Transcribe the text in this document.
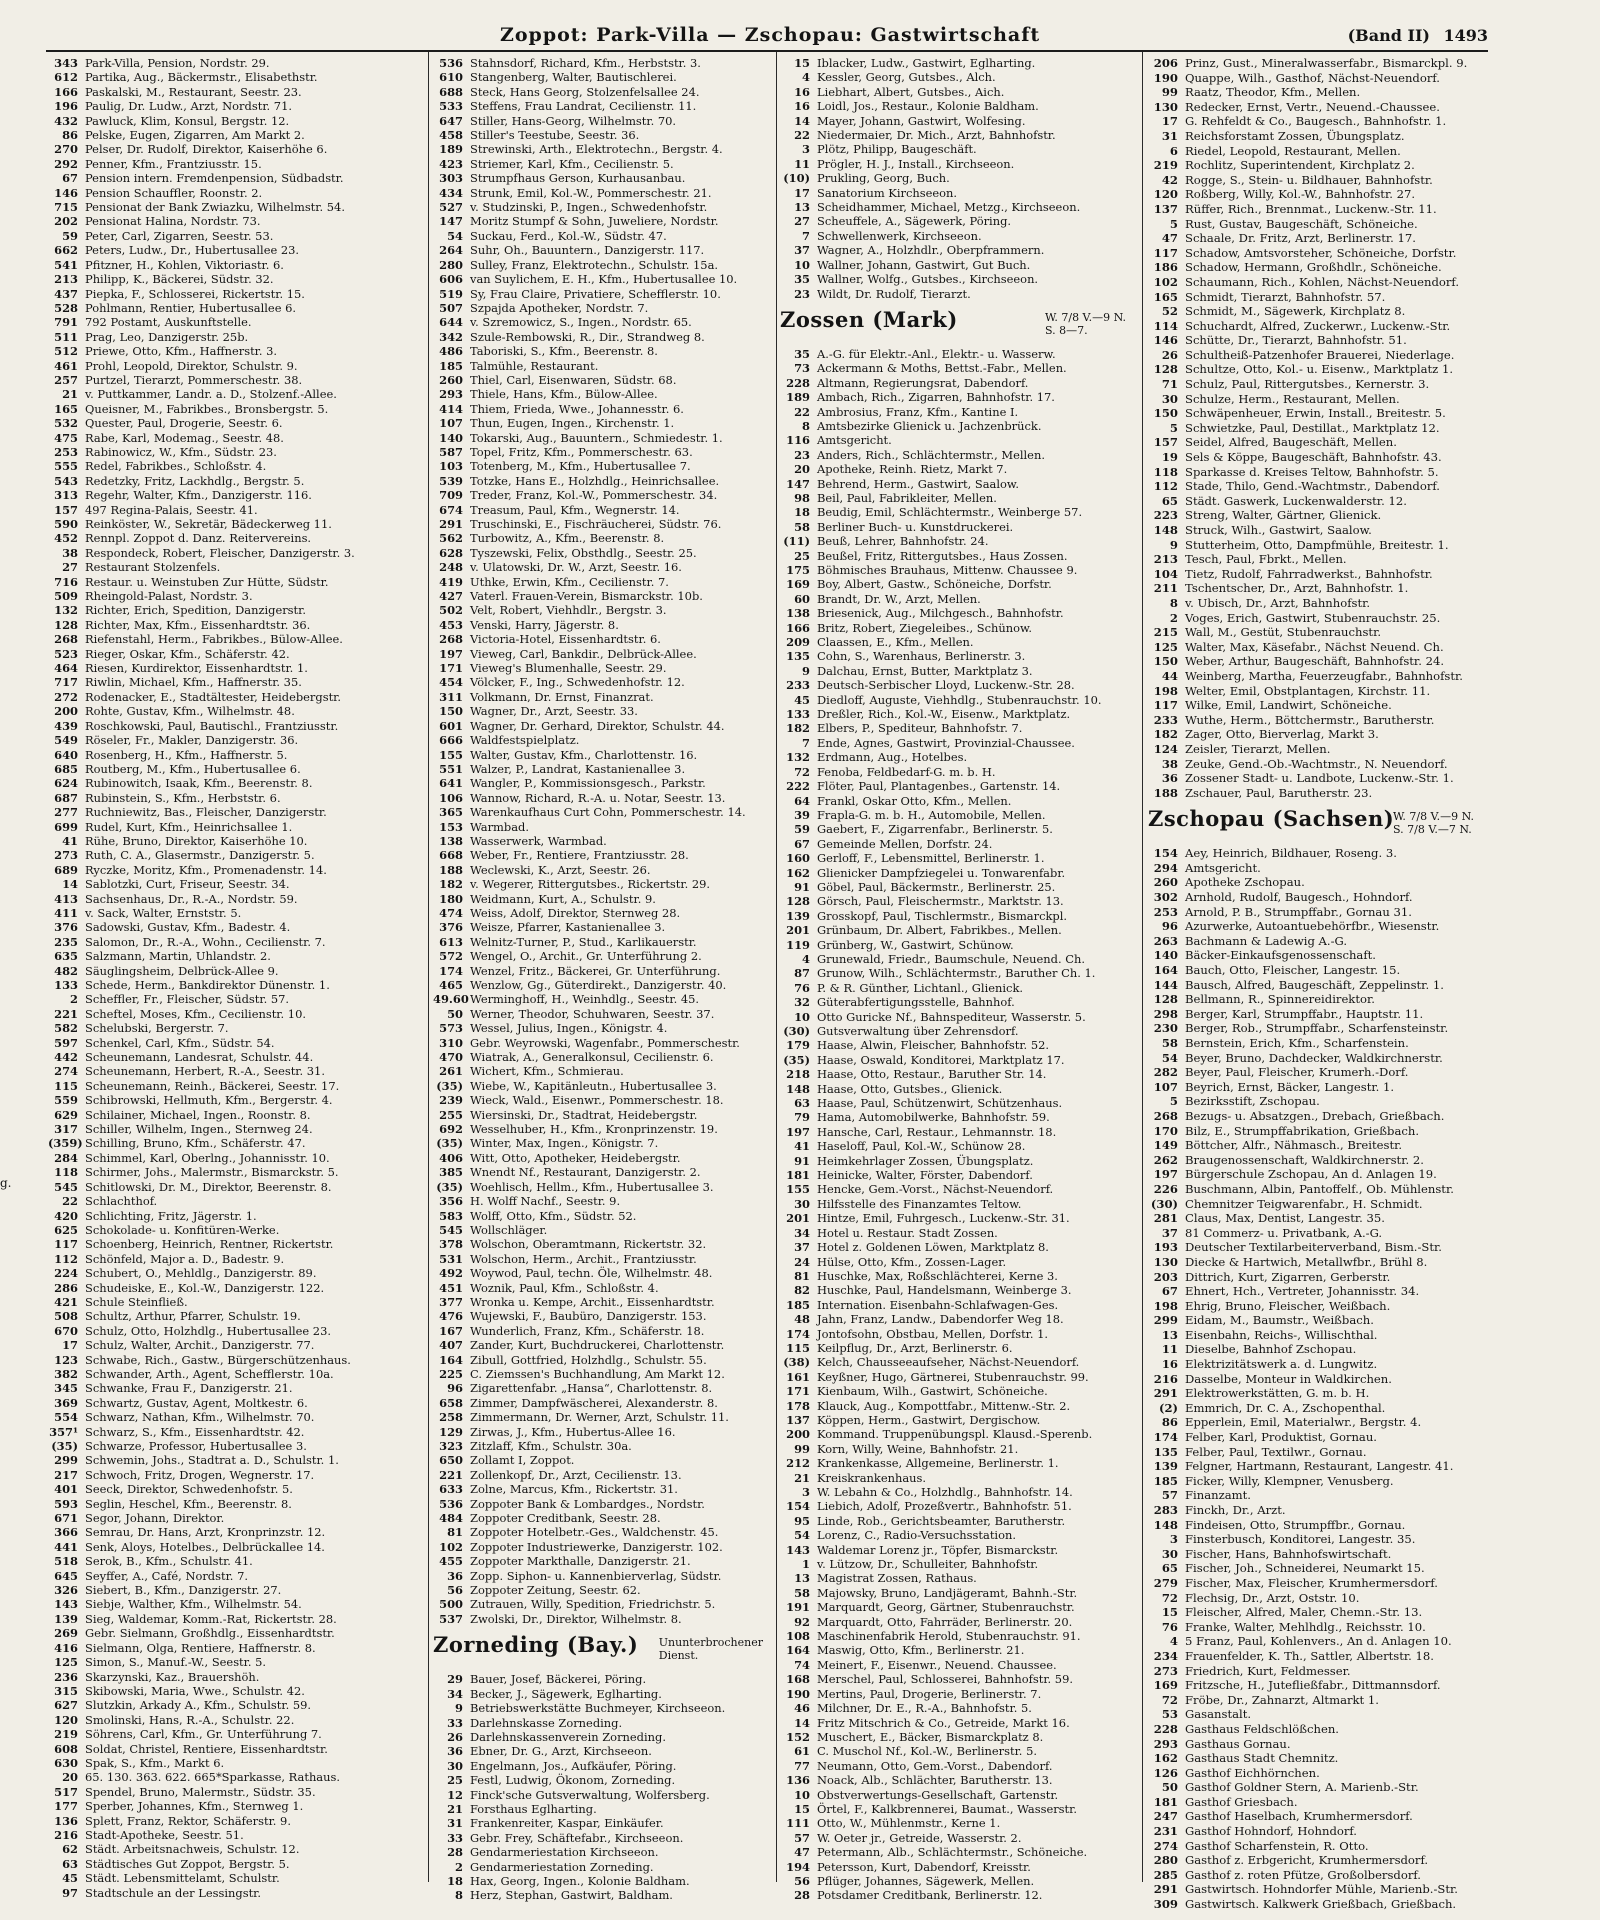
Zoppot: Park-Villa — Zschopau: Gastwirtschaft	(Band II) 1493
g.
343 Park-Villa, Pension, Nordstr. 29.
612 Partika, Aug., Bäckermstr., Elisabethstr.
166 Paskalski, M., Restaurant, Seestr. 23.
196 Paulig, Dr. Ludw., Arzt, Nordstr. 71.
432 Pawluck, Klim, Konsul, Bergstr. 12.
86 Pelske, Eugen, Zigarren, Am Markt 2.
270 Pelser, Dr. Rudolf, Direktor, Kaiserhöhe 6.
292 Penner, Kfm., Frantziusstr. 15.
67 Pension intern. Fremdenpension, Südbadstr.
146 Pension Schauffler, Roonstr. 2.
715 Pensionat der Bank Zwiazku, Wilhelmstr. 54.
202 Pensionat Halina, Nordstr. 73.
59 Peter, Carl, Zigarren, Seestr. 53.
662 Peters, Ludw., Dr., Hubertusallee 23.
541 Pfitzner, H., Kohlen, Viktoriastr. 6.
213 Philipp, K., Bäckerei, Südstr. 32.
437 Piepka, F., Schlosserei, Rickertstr. 15.
528 Pohlmann, Rentier, Hubertusallee 6.
791 792 Postamt, Auskunftstelle.
511 Prag, Leo, Danzigerstr. 25b.
512 Priewe, Otto, Kfm., Haffnerstr. 3.
461 Prohl, Leopold, Direktor, Schulstr. 9.
257 Purtzel, Tierarzt, Pommerschestr. 38.
21 v. Puttkammer, Landr. a. D., Stolzenf.-Allee.
165 Queisner, M., Fabrikbes., Bronsbergstr. 5.
532 Quester, Paul, Drogerie, Seestr. 6.
475 Rabe, Karl, Modemag., Seestr. 48.
253 Rabinowicz, W., Kfm., Südstr. 23.
555 Redel, Fabrikbes., Schloßstr. 4.
543 Redetzky, Fritz, Lackhdlg., Bergstr. 5.
313 Regehr, Walter, Kfm., Danzigerstr. 116.
157 497 Regina-Palais, Seestr. 41.
590 Reinköster, W., Sekretär, Bädeckerweg 11.
452 Rennpl. Zoppot d. Danz. Reitervereins.
38 Respondeck, Robert, Fleischer, Danzigerstr. 3.
27 Restaurant Stolzenfels.
716 Restaur. u. Weinstuben Zur Hütte, Südstr.
509 Rheingold-Palast, Nordstr. 3.
132 Richter, Erich, Spedition, Danzigerstr.
128 Richter, Max, Kfm., Eissenhardtstr. 36.
268 Riefenstahl, Herm., Fabrikbes., Bülow-Allee.
523 Rieger, Oskar, Kfm., Schäferstr. 42.
464 Riesen, Kurdirektor, Eissenhardtstr. 1.
717 Riwlin, Michael, Kfm., Haffnerstr. 35.
272 Rodenacker, E., Stadtältester, Heidebergstr.
200 Rohte, Gustav, Kfm., Wilhelmstr. 48.
439 Roschkowski, Paul, Bautischl., Frantziusstr.
549 Röseler, Fr., Makler, Danzigerstr. 36.
640 Rosenberg, H., Kfm., Haffnerstr. 5.
685 Routberg, M., Kfm., Hubertusallee 6.
624 Rubinowitch, Isaak, Kfm., Beerenstr. 8.
687 Rubinstein, S., Kfm., Herbststr. 6.
277 Ruchniewitz, Bas., Fleischer, Danzigerstr.
699 Rudel, Kurt, Kfm., Heinrichsallee 1.
41 Rühe, Bruno, Direktor, Kaiserhöhe 10.
273 Ruth, C. A., Glasermstr., Danzigerstr. 5.
689 Ryczke, Moritz, Kfm., Promenadenstr. 14.
14 Sablotzki, Curt, Friseur, Seestr. 34.
413 Sachsenhaus, Dr., R.-A., Nordstr. 59.
411 v. Sack, Walter, Ernststr. 5.
376 Sadowski, Gustav, Kfm., Badestr. 4.
235 Salomon, Dr., R.-A., Wohn., Cecilienstr. 7.
635 Salzmann, Martin, Uhlandstr. 2.
482 Säuglingsheim, Delbrück-Allee 9.
133 Schede, Herm., Bankdirektor Dünenstr. 1.
2 Scheffler, Fr., Fleischer, Südstr. 57.
221 Scheftel, Moses, Kfm., Cecilienstr. 10.
582 Schelubski, Bergerstr. 7.
597 Schenkel, Carl, Kfm., Südstr. 54.
442 Scheunemann, Landesrat, Schulstr. 44.
274 Scheunemann, Herbert, R.-A., Seestr. 31.
115 Scheunemann, Reinh., Bäckerei, Seestr. 17.
559 Schibrowski, Hellmuth, Kfm., Bergerstr. 4.
629 Schilainer, Michael, Ingen., Roonstr. 8.
317 Schiller, Wilhelm, Ingen., Sternweg 24.
(359) Schilling, Bruno, Kfm., Schäferstr. 47.
284 Schimmel, Karl, Oberlng., Johannisstr. 10.
118 Schirmer, Johs., Malermstr., Bismarckstr. 5.
545 Schitlowski, Dr. M., Direktor, Beerenstr. 8.
22 Schlachthof.
420 Schlichting, Fritz, Jägerstr. 1.
625 Schokolade- u. Konfitüren-Werke.
117 Schoenberg, Heinrich, Rentner, Rickertstr.
112 Schönfeld, Major a. D., Badestr. 9.
224 Schubert, O., Mehldlg., Danzigerstr. 89.
286 Schudeiske, E., Kol.-W., Danzigerstr. 122.
421 Schule Steinfließ.
508 Schultz, Arthur, Pfarrer, Schulstr. 19.
670 Schulz, Otto, Holzhdlg., Hubertusallee 23.
17 Schulz, Walter, Archit., Danzigerstr. 77.
123 Schwabe, Rich., Gastw., Bürgerschützenhaus.
382 Schwander, Arth., Agent, Schefflerstr. 10a.
345 Schwanke, Frau F., Danzigerstr. 21.
369 Schwartz, Gustav, Agent, Moltkestr. 6.
554 Schwarz, Nathan, Kfm., Wilhelmstr. 70.
357¹ Schwarz, S., Kfm., Eissenhardtstr. 42.
(35) Schwarze, Professor, Hubertusallee 3.
299 Schwemin, Johs., Stadtrat a. D., Schulstr. 1.
217 Schwoch, Fritz, Drogen, Wegnerstr. 17.
401 Seeck, Direktor, Schwedenhofstr. 5.
593 Seglin, Heschel, Kfm., Beerenstr. 8.
671 Segor, Johann, Direktor.
366 Semrau, Dr. Hans, Arzt, Kronprinzstr. 12.
441 Senk, Aloys, Hotelbes., Delbrückallee 14.
518 Serok, B., Kfm., Schulstr. 41.
645 Seyffer, A., Café, Nordstr. 7.
326 Siebert, B., Kfm., Danzigerstr. 27.
143 Siebje, Walther, Kfm., Wilhelmstr. 54.
139 Sieg, Waldemar, Komm.-Rat, Rickertstr. 28.
269 Gebr. Sielmann, Großhdlg., Eissenhardtstr.
416 Sielmann, Olga, Rentiere, Haffnerstr. 8.
125 Simon, S., Manuf.-W., Seestr. 5.
236 Skarzynski, Kaz., Brauershöh.
315 Skibowski, Maria, Wwe., Schulstr. 42.
627 Slutzkin, Arkady A., Kfm., Schulstr. 59.
120 Smolinski, Hans, R.-A., Schulstr. 22.
219 Söhrens, Carl, Kfm., Gr. Unterführung 7.
608 Soldat, Christel, Rentiere, Eissenhardtstr.
630 Spak, S., Kfm., Markt 6.
20 65. 130. 363. 622. 665*Sparkasse, Rathaus.
517 Spendel, Bruno, Malermstr., Südstr. 35.
177 Sperber, Johannes, Kfm., Sternweg 1.
136 Splett, Franz, Rektor, Schäferstr. 9.
216 Stadt-Apotheke, Seestr. 51.
62 Städt. Arbeitsnachweis, Schulstr. 12.
63 Städtisches Gut Zoppot, Bergstr. 5.
45 Städt. Lebensmittelamt, Schulstr.
97 Stadtschule an der Lessingstr.
536 Stahnsdorf, Richard, Kfm., Herbststr. 3.
610 Stangenberg, Walter, Bautischlerei.
688 Steck, Hans Georg, Stolzenfelsallee 24.
533 Steffens, Frau Landrat, Cecilienstr. 11.
647 Stiller, Hans-Georg, Wilhelmstr. 70.
458 Stiller's Teestube, Seestr. 36.
189 Strewinski, Arth., Elektrotechn., Bergstr. 4.
423 Striemer, Karl, Kfm., Cecilienstr. 5.
303 Strumpfhaus Gerson, Kurhausanbau.
434 Strunk, Emil, Kol.-W., Pommerschestr. 21.
527 v. Studzinski, P., Ingen., Schwedenhofstr.
147 Moritz Stumpf & Sohn, Juweliere, Nordstr.
54 Suckau, Ferd., Kol.-W., Südstr. 47.
264 Suhr, Oh., Bauuntern., Danzigerstr. 117.
280 Sulley, Franz, Elektrotechn., Schulstr. 15a.
606 van Suylichem, E. H., Kfm., Hubertusallee 10.
519 Sy, Frau Claire, Privatiere, Schefflerstr. 10.
507 Szpajda Apotheker, Nordstr. 7.
644 v. Szremowicz, S., Ingen., Nordstr. 65.
342 Szule-Rembowski, R., Dir., Strandweg 8.
486 Taboriski, S., Kfm., Beerenstr. 8.
185 Talmühle, Restaurant.
260 Thiel, Carl, Eisenwaren, Südstr. 68.
293 Thiele, Hans, Kfm., Bülow-Allee.
414 Thiem, Frieda, Wwe., Johannesstr. 6.
107 Thun, Eugen, Ingen., Kirchenstr. 1.
140 Tokarski, Aug., Bauuntern., Schmiedestr. 1.
587 Topel, Fritz, Kfm., Pommerschestr. 63.
103 Totenberg, M., Kfm., Hubertusallee 7.
539 Totzke, Hans E., Holzhdlg., Heinrichsallee.
709 Treder, Franz, Kol.-W., Pommerschestr. 34.
674 Treasum, Paul, Kfm., Wegnerstr. 14.
291 Truschinski, E., Fischräucherei, Südstr. 76.
562 Turbowitz, A., Kfm., Beerenstr. 8.
628 Tyszewski, Felix, Obsthdlg., Seestr. 25.
248 v. Ulatowski, Dr. W., Arzt, Seestr. 16.
419 Uthke, Erwin, Kfm., Cecilienstr. 7.
427 Vaterl. Frauen-Verein, Bismarckstr. 10b.
502 Velt, Robert, Viehhdlr., Bergstr. 3.
453 Venski, Harry, Jägerstr. 8.
268 Victoria-Hotel, Eissenhardtstr. 6.
197 Vieweg, Carl, Bankdir., Delbrück-Allee.
171 Vieweg's Blumenhalle, Seestr. 29.
454 Völcker, F., Ing., Schwedenhofstr. 12.
311 Volkmann, Dr. Ernst, Finanzrat.
150 Wagner, Dr., Arzt, Seestr. 33.
601 Wagner, Dr. Gerhard, Direktor, Schulstr. 44.
666 Waldfestspielplatz.
155 Walter, Gustav, Kfm., Charlottenstr. 16.
551 Walzer, P., Landrat, Kastanienallee 3.
641 Wangler, P., Kommissionsgesch., Parkstr.
106 Wannow, Richard, R.-A. u. Notar, Seestr. 13.
365 Warenkaufhaus Curt Cohn, Pommerschestr. 14.
153 Warmbad.
138 Wasserwerk, Warmbad.
668 Weber, Fr., Rentiere, Frantziusstr. 28.
188 Weclewski, K., Arzt, Seestr. 26.
182 v. Wegerer, Rittergutsbes., Rickertstr. 29.
180 Weidmann, Kurt, A., Schulstr. 9.
474 Weiss, Adolf, Direktor, Sternweg 28.
376 Weisze, Pfarrer, Kastanienallee 3.
613 Welnitz-Turner, P., Stud., Karlikauerstr.
572 Wengel, O., Archit., Gr. Unterführung 2.
174 Wenzel, Fritz., Bäckerei, Gr. Unterführung.
465 Wenzlow, Gg., Güterdirekt., Danzigerstr. 40.
49.60Werminghoff, H., Weinhdlg., Seestr. 45.
50 Werner, Theodor, Schuhwaren, Seestr. 37.
573 Wessel, Julius, Ingen., Königstr. 4.
310 Gebr. Weyrowski, Wagenfabr., Pommerschestr.
470 Wiatrak, A., Generalkonsul, Cecilienstr. 6.
261 Wichert, Kfm., Schmierau.
(35) Wiebe, W., Kapitänleutn., Hubertusallee 3.
239 Wieck, Wald., Eisenwr., Pommerschestr. 18.
255 Wiersinski, Dr., Stadtrat, Heidebergstr.
692 Wesselhuber, H., Kfm., Kronprinzenstr. 19.
(35) Winter, Max, Ingen., Königstr. 7.
406 Witt, Otto, Apotheker, Heidebergstr.
385 Wnendt Nf., Restaurant, Danzigerstr. 2.
(35) Woehlisch, Hellm., Kfm., Hubertusallee 3.
356 H. Wolff Nachf., Seestr. 9.
583 Wolff, Otto, Kfm., Südstr. 52.
545 Wollschläger.
378 Wolschon, Oberamtmann, Rickertstr. 32.
531 Wolschon, Herm., Archit., Frantziusstr.
492 Woywod, Paul, techn. Öle, Wilhelmstr. 48.
451 Woznik, Paul, Kfm., Schloßstr. 4.
377 Wronka u. Kempe, Archit., Eissenhardtstr.
476 Wujewski, F., Baubüro, Danzigerstr. 153.
167 Wunderlich, Franz, Kfm., Schäferstr. 18.
407 Zander, Kurt, Buchdruckerei, Charlottenstr.
164 Zibull, Gottfried, Holzhdlg., Schulstr. 55.
225 C. Ziemssen's Buchhandlung, Am Markt 12.
96 Zigarettenfabr. „Hansa“, Charlottenstr. 8.
658 Zimmer, Dampfwäscherei, Alexanderstr. 8.
258 Zimmermann, Dr. Werner, Arzt, Schulstr. 11.
129 Zirwas, J., Kfm., Hubertus-Allee 16.
323 Zitzlaff, Kfm., Schulstr. 30a.
650 Zollamt I, Zoppot.
221 Zollenkopf, Dr., Arzt, Cecilienstr. 13.
633 Zolne, Marcus, Kfm., Rickertstr. 31.
536 Zoppoter Bank & Lombardges., Nordstr.
484 Zoppoter Creditbank, Seestr. 28.
81 Zoppoter Hotelbetr.-Ges., Waldchenstr. 45.
102 Zoppoter Industriewerke, Danzigerstr. 102.
455 Zoppoter Markthalle, Danzigerstr. 21.
36 Zopp. Siphon- u. Kannenbierverlag, Südstr.
56 Zoppoter Zeitung, Seestr. 62.
500 Zutrauen, Willy, Spedition, Friedrichstr. 5.
537 Zwolski, Dr., Direktor, Wilhelmstr. 8.
Zorneding (Bay.) Ununterbrochener
Dienst.
29 Bauer, Josef, Bäckerei, Pöring.
34 Becker, J., Sägewerk, Eglharting.
9 Betriebswerkstätte Buchmeyer, Kirchseeon.
33 Darlehnskasse Zorneding.
26 Darlehnskassenverein Zorneding.
36 Ebner, Dr. G., Arzt, Kirchseeon.
30 Engelmann, Jos., Aufkäufer, Pöring.
25 Festl, Ludwig, Ökonom, Zorneding.
12 Finck'sche Gutsverwaltung, Wolfersberg.
21 Forsthaus Eglharting.
31 Frankenreiter, Kaspar, Einkäufer.
33 Gebr. Frey, Schäftefabr., Kirchseeon.
28 Gendarmeriestation Kirchseeon.
2 Gendarmeriestation Zorneding.
18 Hax, Georg, Ingen., Kolonie Baldham.
8 Herz, Stephan, Gastwirt, Baldham.
15 Iblacker, Ludw., Gastwirt, Eglharting.
4 Kessler, Georg, Gutsbes., Alch.
16 Liebhart, Albert, Gutsbes., Aich.
16 Loidl, Jos., Restaur., Kolonie Baldham.
14 Mayer, Johann, Gastwirt, Wolfesing.
22 Niedermaier, Dr. Mich., Arzt, Bahnhofstr.
3 Plötz, Philipp, Baugeschäft.
11 Prögler, H. J., Install., Kirchseeon.
(10) Prukling, Georg, Buch.
17 Sanatorium Kirchseeon.
13 Scheidhammer, Michael, Metzg., Kirchseeon.
27 Scheuffele, A., Sägewerk, Pöring.
7 Schwellenwerk, Kirchseeon.
37 Wagner, A., Holzhdlr., Oberpframmern.
10 Wallner, Johann, Gastwirt, Gut Buch.
35 Wallner, Wolfg., Gutsbes., Kirchseeon.
23 Wildt, Dr. Rudolf, Tierarzt.
Zossen (Mark)	W. 7/8 V.—9 N.
S. 8—7.
35 A.-G. für Elektr.-Anl., Elektr.- u. Wasserw.
73 Ackermann & Moths, Bettst.-Fabr., Mellen.
228 Altmann, Regierungsrat, Dabendorf.
189 Ambach, Rich., Zigarren, Bahnhofstr. 17.
22 Ambrosius, Franz, Kfm., Kantine I.
8 Amtsbezirke Glienick u. Jachzenbrück.
116 Amtsgericht.
23 Anders, Rich., Schlächtermstr., Mellen.
20 Apotheke, Reinh. Rietz, Markt 7.
147 Behrend, Herm., Gastwirt, Saalow.
98 Beil, Paul, Fabrikleiter, Mellen.
18 Beudig, Emil, Schlächtermstr., Weinberge 57.
58 Berliner Buch- u. Kunstdruckerei.
(11) Beuß, Lehrer, Bahnhofstr. 24.
25 Beußel, Fritz, Rittergutsbes., Haus Zossen.
175 Böhmisches Brauhaus, Mittenw. Chaussee 9.
169 Boy, Albert, Gastw., Schöneiche, Dorfstr.
60 Brandt, Dr. W., Arzt, Mellen.
138 Briesenick, Aug., Milchgesch., Bahnhofstr.
166 Britz, Robert, Ziegeleibes., Schünow.
209 Claassen, E., Kfm., Mellen.
135 Cohn, S., Warenhaus, Berlinerstr. 3.
9 Dalchau, Ernst, Butter, Marktplatz 3.
233 Deutsch-Serbischer Lloyd, Luckenw.-Str. 28.
45 Diedloff, Auguste, Viehhdlg., Stubenrauchstr. 10.
133 Dreßler, Rich., Kol.-W., Eisenw., Marktplatz.
182 Elbers, P., Spediteur, Bahnhofstr. 7.
7 Ende, Agnes, Gastwirt, Provinzial-Chaussee.
132 Erdmann, Aug., Hotelbes.
72 Fenoba, Feldbedarf-G. m. b. H.
222 Flöter, Paul, Plantagenbes., Gartenstr. 14.
64 Frankl, Oskar Otto, Kfm., Mellen.
39 Frapla-G. m. b. H., Automobile, Mellen.
59 Gaebert, F., Zigarrenfabr., Berlinerstr. 5.
67 Gemeinde Mellen, Dorfstr. 24.
160 Gerloff, F., Lebensmittel, Berlinerstr. 1.
162 Glienicker Dampfziegelei u. Tonwarenfabr.
91 Göbel, Paul, Bäckermstr., Berlinerstr. 25.
128 Görsch, Paul, Fleischermstr., Marktstr. 13.
139 Grosskopf, Paul, Tischlermstr., Bismarckpl.
201 Grünbaum, Dr. Albert, Fabrikbes., Mellen.
119 Grünberg, W., Gastwirt, Schünow.
4 Grunewald, Friedr., Baumschule, Neuend. Ch.
87 Grunow, Wilh., Schlächtermstr., Baruther Ch. 1.
76 P. & R. Günther, Lichtanl., Glienick.
32 Güterabfertigungsstelle, Bahnhof.
10 Otto Guricke Nf., Bahnspediteur, Wasserstr. 5.
(30) Gutsverwaltung über Zehrensdorf.
179 Haase, Alwin, Fleischer, Bahnhofstr. 52.
(35) Haase, Oswald, Konditorei, Marktplatz 17.
218 Haase, Otto, Restaur., Baruther Str. 14.
148 Haase, Otto, Gutsbes., Glienick.
63 Haase, Paul, Schützenwirt, Schützenhaus.
79 Hama, Automobilwerke, Bahnhofstr. 59.
197 Hansche, Carl, Restaur., Lehmannstr. 18.
41 Haseloff, Paul, Kol.-W., Schünow 28.
91 Heimkehrlager Zossen, Übungsplatz.
181 Heinicke, Walter, Förster, Dabendorf.
155 Hencke, Gem.-Vorst., Nächst-Neuendorf.
30 Hilfsstelle des Finanzamtes Teltow.
201 Hintze, Emil, Fuhrgesch., Luckenw.-Str. 31.
34 Hotel u. Restaur. Stadt Zossen.
37 Hotel z. Goldenen Löwen, Marktplatz 8.
24 Hülse, Otto, Kfm., Zossen-Lager.
81 Huschke, Max, Roßschlächterei, Kerne 3.
82 Huschke, Paul, Handelsmann, Weinberge 3.
185 Internation. Eisenbahn-Schlafwagen-Ges.
48 Jahn, Franz, Landw., Dabendorfer Weg 18.
174 Jontofsohn, Obstbau, Mellen, Dorfstr. 1.
115 Keilpflug, Dr., Arzt, Berlinerstr. 6.
(38) Kelch, Chausseeaufseher, Nächst-Neuendorf.
161 Keyßner, Hugo, Gärtnerei, Stubenrauchstr. 99.
171 Kienbaum, Wilh., Gastwirt, Schöneiche.
178 Klauck, Aug., Kompottfabr., Mittenw.-Str. 2.
137 Köppen, Herm., Gastwirt, Dergischow.
200 Kommand. Truppenübungspl. Klausd.-Sperenb.
99 Korn, Willy, Weine, Bahnhofstr. 21.
212 Krankenkasse, Allgemeine, Berlinerstr. 1.
21 Kreiskrankenhaus.
3 W. Lebahn & Co., Holzhdlg., Bahnhofstr. 14.
154 Liebich, Adolf, Prozeßvertr., Bahnhofstr. 51.
95 Linde, Rob., Gerichtsbeamter, Barutherstr.
54 Lorenz, C., Radio-Versuchsstation.
143 Waldemar Lorenz jr., Töpfer, Bismarckstr.
1 v. Lützow, Dr., Schulleiter, Bahnhofstr.
13 Magistrat Zossen, Rathaus.
58 Majowsky, Bruno, Landjägeramt, Bahnh.-Str.
191 Marquardt, Georg, Gärtner, Stubenrauchstr.
92 Marquardt, Otto, Fahrräder, Berlinerstr. 20.
108 Maschinenfabrik Herold, Stubenrauchstr. 91.
164 Maswig, Otto, Kfm., Berlinerstr. 21.
74 Meinert, F., Eisenwr., Neuend. Chaussee.
168 Merschel, Paul, Schlosserei, Bahnhofstr. 59.
190 Mertins, Paul, Drogerie, Berlinerstr. 7.
46 Milchner, Dr. E., R.-A., Bahnhofstr. 5.
14 Fritz Mitschrich & Co., Getreide, Markt 16.
152 Muschert, E., Bäcker, Bismarckplatz 8.
61 C. Muschol Nf., Kol.-W., Berlinerstr. 5.
77 Neumann, Otto, Gem.-Vorst., Dabendorf.
136 Noack, Alb., Schlächter, Barutherstr. 13.
10 Obstverwertungs-Gesellschaft, Gartenstr.
15 Örtel, F., Kalkbrennerei, Baumat., Wasserstr.
111 Otto, W., Mühlenmstr., Kerne 1.
57 W. Oeter jr., Getreide, Wasserstr. 2.
47 Petermann, Alb., Schlächtermstr., Schöneiche.
194 Petersson, Kurt, Dabendorf, Kreisstr.
56 Pflüger, Johannes, Sägewerk, Mellen.
28 Potsdamer Creditbank, Berlinerstr. 12.
206 Prinz, Gust., Mineralwasserfabr., Bismarckpl. 9.
190 Quappe, Wilh., Gasthof, Nächst-Neuendorf.
99 Raatz, Theodor, Kfm., Mellen.
130 Redecker, Ernst, Vertr., Neuend.-Chaussee.
17 G. Rehfeldt & Co., Baugesch., Bahnhofstr. 1.
31 Reichsforstamt Zossen, Übungsplatz.
6 Riedel, Leopold, Restaurant, Mellen.
219 Rochlitz, Superintendent, Kirchplatz 2.
42 Rogge, S., Stein- u. Bildhauer, Bahnhofstr.
120 Roßberg, Willy, Kol.-W., Bahnhofstr. 27.
137 Rüffer, Rich., Brennmat., Luckenw.-Str. 11.
5 Rust, Gustav, Baugeschäft, Schöneiche.
47 Schaale, Dr. Fritz, Arzt, Berlinerstr. 17.
117 Schadow, Amtsvorsteher, Schöneiche, Dorfstr.
186 Schadow, Hermann, Großhdlr., Schöneiche.
102 Schaumann, Rich., Kohlen, Nächst-Neuendorf.
165 Schmidt, Tierarzt, Bahnhofstr. 57.
52 Schmidt, M., Sägewerk, Kirchplatz 8.
114 Schuchardt, Alfred, Zuckerwr., Luckenw.-Str.
146 Schütte, Dr., Tierarzt, Bahnhofstr. 51.
26 Schultheiß-Patzenhofer Brauerei, Niederlage.
128 Schultze, Otto, Kol.- u. Eisenw., Marktplatz 1.
71 Schulz, Paul, Rittergutsbes., Kernerstr. 3.
30 Schulze, Herm., Restaurant, Mellen.
150 Schwäpenheuer, Erwin, Install., Breitestr. 5.
5 Schwietzke, Paul, Destillat., Marktplatz 12.
157 Seidel, Alfred, Baugeschäft, Mellen.
19 Sels & Köppe, Baugeschäft, Bahnhofstr. 43.
118 Sparkasse d. Kreises Teltow, Bahnhofstr. 5.
112 Stade, Thilo, Gend.-Wachtmstr., Dabendorf.
65 Städt. Gaswerk, Luckenwalderstr. 12.
223 Streng, Walter, Gärtner, Glienick.
148 Struck, Wilh., Gastwirt, Saalow.
9 Stutterheim, Otto, Dampfmühle, Breitestr. 1.
213 Tesch, Paul, Fbrkt., Mellen.
104 Tietz, Rudolf, Fahrradwerkst., Bahnhofstr.
211 Tschentscher, Dr., Arzt, Bahnhofstr. 1.
8 v. Ubisch, Dr., Arzt, Bahnhofstr.
2 Voges, Erich, Gastwirt, Stubenrauchstr. 25.
215 Wall, M., Gestüt, Stubenrauchstr.
125 Walter, Max, Käsefabr., Nächst Neuend. Ch.
150 Weber, Arthur, Baugeschäft, Bahnhofstr. 24.
44 Weinberg, Martha, Feuerzeugfabr., Bahnhofstr.
198 Welter, Emil, Obstplantagen, Kirchstr. 11.
117 Wilke, Emil, Landwirt, Schöneiche.
233 Wuthe, Herm., Böttchermstr., Barutherstr.
182 Zager, Otto, Bierverlag, Markt 3.
124 Zeisler, Tierarzt, Mellen.
38 Zeuke, Gend.-Ob.-Wachtmstr., N. Neuendorf.
36 Zossener Stadt- u. Landbote, Luckenw.-Str. 1.
188 Zschauer, Paul, Barutherstr. 23.
Zschopau (Sachsen)
W. 7/8 V.—9 N.
S. 7/8 V.—7 N.
154 Aey, Heinrich, Bildhauer, Roseng. 3.
294 Amtsgericht.
260 Apotheke Zschopau.
302 Arnhold, Rudolf, Baugesch., Hohndorf.
253 Arnold, P. B., Strumpffabr., Gornau 31.
96 Azurwerke, Autoantuebehörfbr., Wiesenstr.
263 Bachmann & Ladewig A.-G.
140 Bäcker-Einkaufsgenossenschaft.
164 Bauch, Otto, Fleischer, Langestr. 15.
144 Bausch, Alfred, Baugeschäft, Zeppelinstr. 1.
128 Bellmann, R., Spinnereidirektor.
298 Berger, Karl, Strumpffabr., Hauptstr. 11.
230 Berger, Rob., Strumpffabr., Scharfensteinstr.
58 Bernstein, Erich, Kfm., Scharfenstein.
54 Beyer, Bruno, Dachdecker, Waldkirchnerstr.
282 Beyer, Paul, Fleischer, Krumerh.-Dorf.
107 Beyrich, Ernst, Bäcker, Langestr. 1.
5 Bezirksstift, Zschopau.
268 Bezugs- u. Absatzgen., Drebach, Grießbach.
170 Bilz, E., Strumpffabrikation, Grießbach.
149 Böttcher, Alfr., Nähmasch., Breitestr.
262 Braugenossenschaft, Waldkirchnerstr. 2.
197 Bürgerschule Zschopau, An d. Anlagen 19.
226 Buschmann, Albin, Pantoffelf., Ob. Mühlenstr.
(30) Chemnitzer Teigwarenfabr., H. Schmidt.
281 Claus, Max, Dentist, Langestr. 35.
37 81 Commerz- u. Privatbank, A.-G.
193 Deutscher Textilarbeiterverband, Bism.-Str.
130 Diecke & Hartwich, Metallwfbr., Brühl 8.
203 Dittrich, Kurt, Zigarren, Gerberstr.
67 Ehnert, Hch., Vertreter, Johannisstr. 34.
198 Ehrig, Bruno, Fleischer, Weißbach.
299 Eidam, M., Baumstr., Weißbach.
13 Eisenbahn, Reichs-, Willischthal.
11 Dieselbe, Bahnhof Zschopau.
16 Elektrizitätswerk a. d. Lungwitz.
216 Dasselbe, Monteur in Waldkirchen.
291 Elektrowerkstätten, G. m. b. H.
(2) Emmrich, Dr. C. A., Zschopenthal.
86 Epperlein, Emil, Materialwr., Bergstr. 4.
174 Felber, Karl, Produktist, Gornau.
135 Felber, Paul, Textilwr., Gornau.
139 Felgner, Hartmann, Restaurant, Langestr. 41.
185 Ficker, Willy, Klempner, Venusberg.
57 Finanzamt.
283 Finckh, Dr., Arzt.
148 Findeisen, Otto, Strumpffbr., Gornau.
3 Finsterbusch, Konditorei, Langestr. 35.
30 Fischer, Hans, Bahnhofswirtschaft.
65 Fischer, Joh., Schneiderei, Neumarkt 15.
279 Fischer, Max, Fleischer, Krumhermersdorf.
72 Flechsig, Dr., Arzt, Oststr. 10.
15 Fleischer, Alfred, Maler, Chemn.-Str. 13.
76 Franke, Walter, Mehlhdlg., Reichsstr. 10.
4 5 Franz, Paul, Kohlenvers., An d. Anlagen 10.
234 Frauenfelder, K. Th., Sattler, Albertstr. 18.
273 Friedrich, Kurt, Feldmesser.
169 Fritzsche, H., Jutefließfabr., Dittmannsdorf.
72 Fröbe, Dr., Zahnarzt, Altmarkt 1.
53 Gasanstalt.
228 Gasthaus Feldschlößchen.
293 Gasthaus Gornau.
162 Gasthaus Stadt Chemnitz.
126 Gasthof Eichhörnchen.
50 Gasthof Goldner Stern, A. Marienb.-Str.
181 Gasthof Griesbach.
247 Gasthof Haselbach, Krumhermersdorf.
231 Gasthof Hohndorf, Hohndorf.
274 Gasthof Scharfenstein, R. Otto.
280 Gasthof z. Erbgericht, Krumhermersdorf.
285 Gasthof z. roten Pfütze, Großolbersdorf.
291 Gastwirtsch. Hohndorfer Mühle, Marienb.-Str.
309 Gastwirtsch. Kalkwerk Grießbach, Grießbach.
